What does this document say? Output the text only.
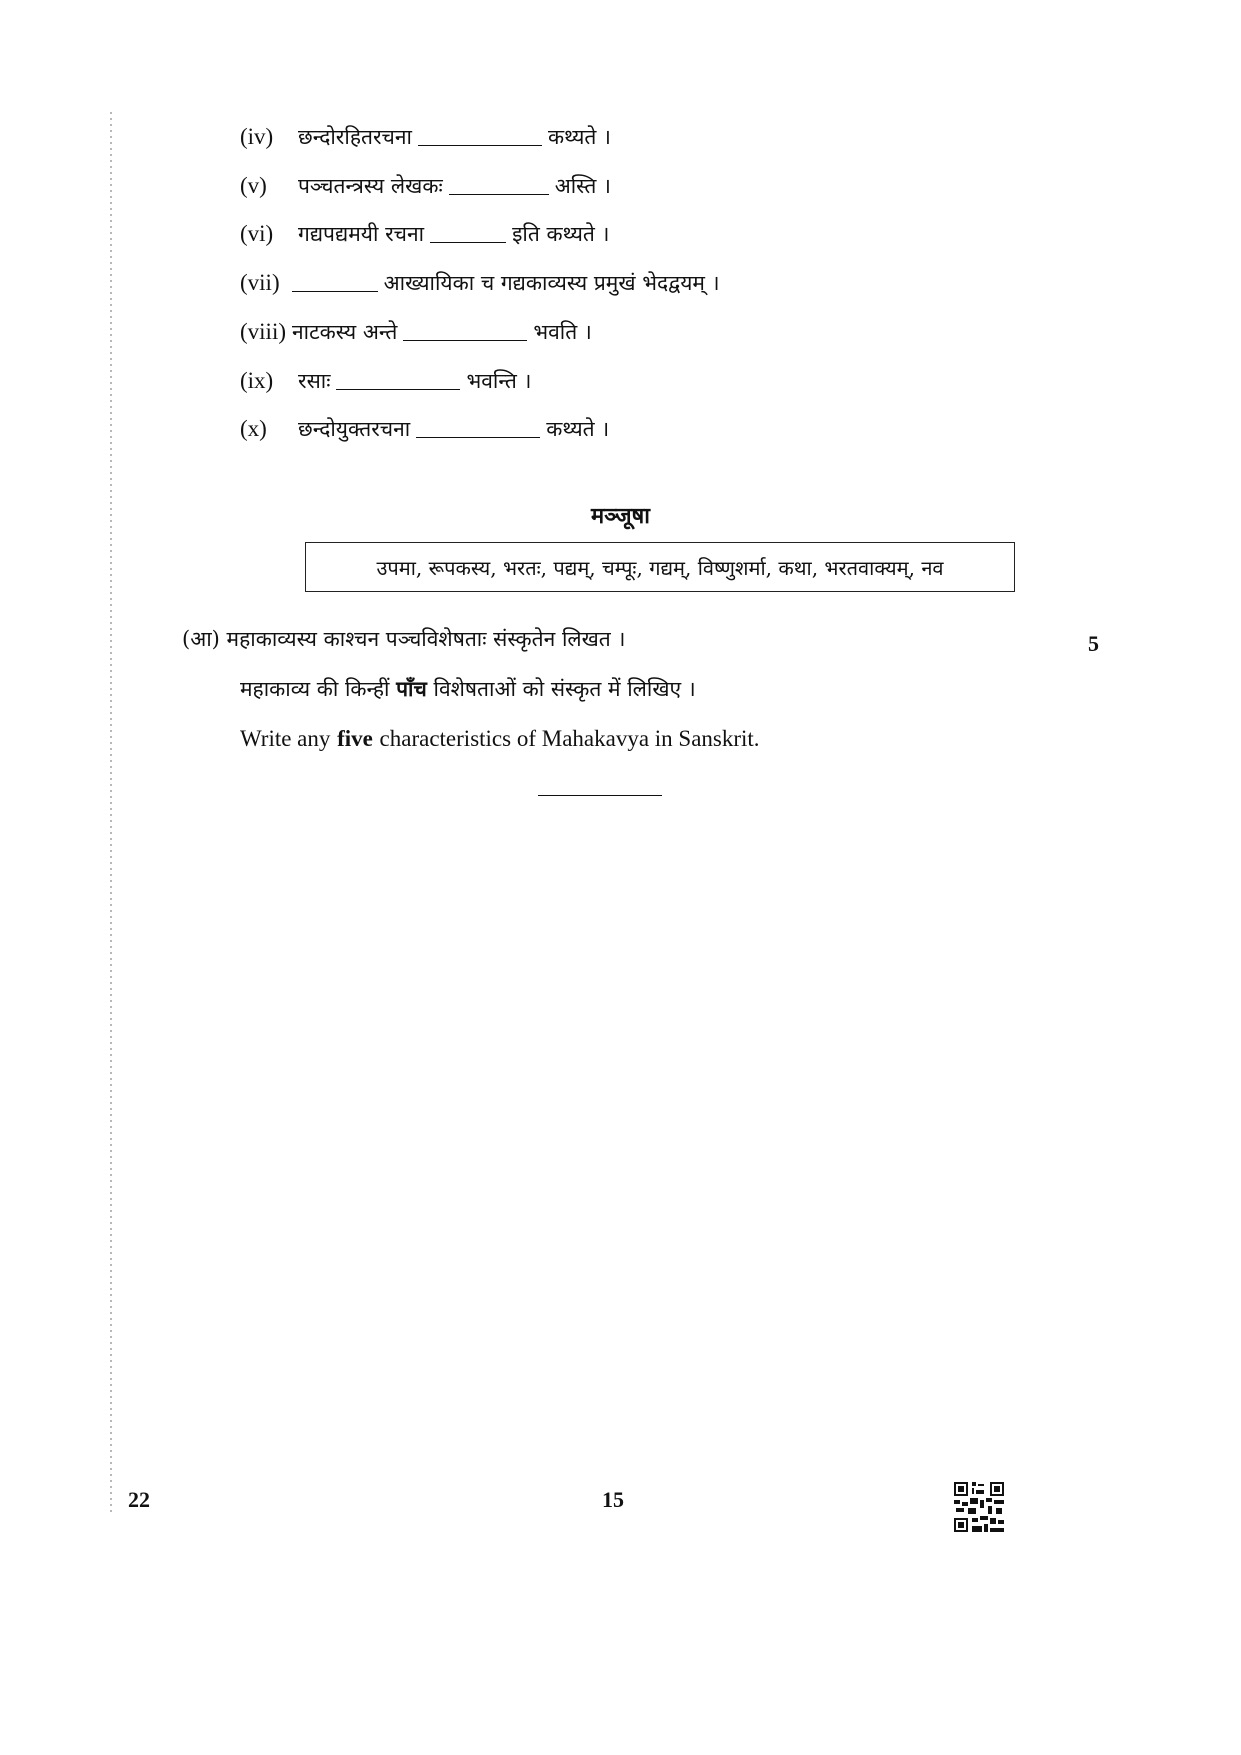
(iv) छन्दोरहितरचना	कथ्यते ।
(v) पञ्चतन्त्रस्य लेखकः	अस्ति ।
(vi) गद्यपद्यमयी रचना	इति कथ्यते ।
(vii)	आख्यायिका च गद्यकाव्यस्य प्रमुखं भेदद्वयम् ।
(viii) नाटकस्य अन्ते	भवति ।
(ix) रसाः	भवन्ति ।
(x) छन्दोयुक्तरचना	कथ्यते ।
मञ्जूषा
उपमा, रूपकस्य, भरतः, पद्यम्, चम्पूः, गद्यम्, विष्णुशर्मा, कथा, भरतवाक्यम्, नव
(आ) महाकाव्यस्य काश्चन पञ्चविशेषताः संस्कृतेन लिखत ।	5
महाकाव्य की किन्हीं पाँच विशेषताओं को संस्कृत में लिखिए ।
Write any five characteristics of Mahakavya in Sanskrit.
22	15
